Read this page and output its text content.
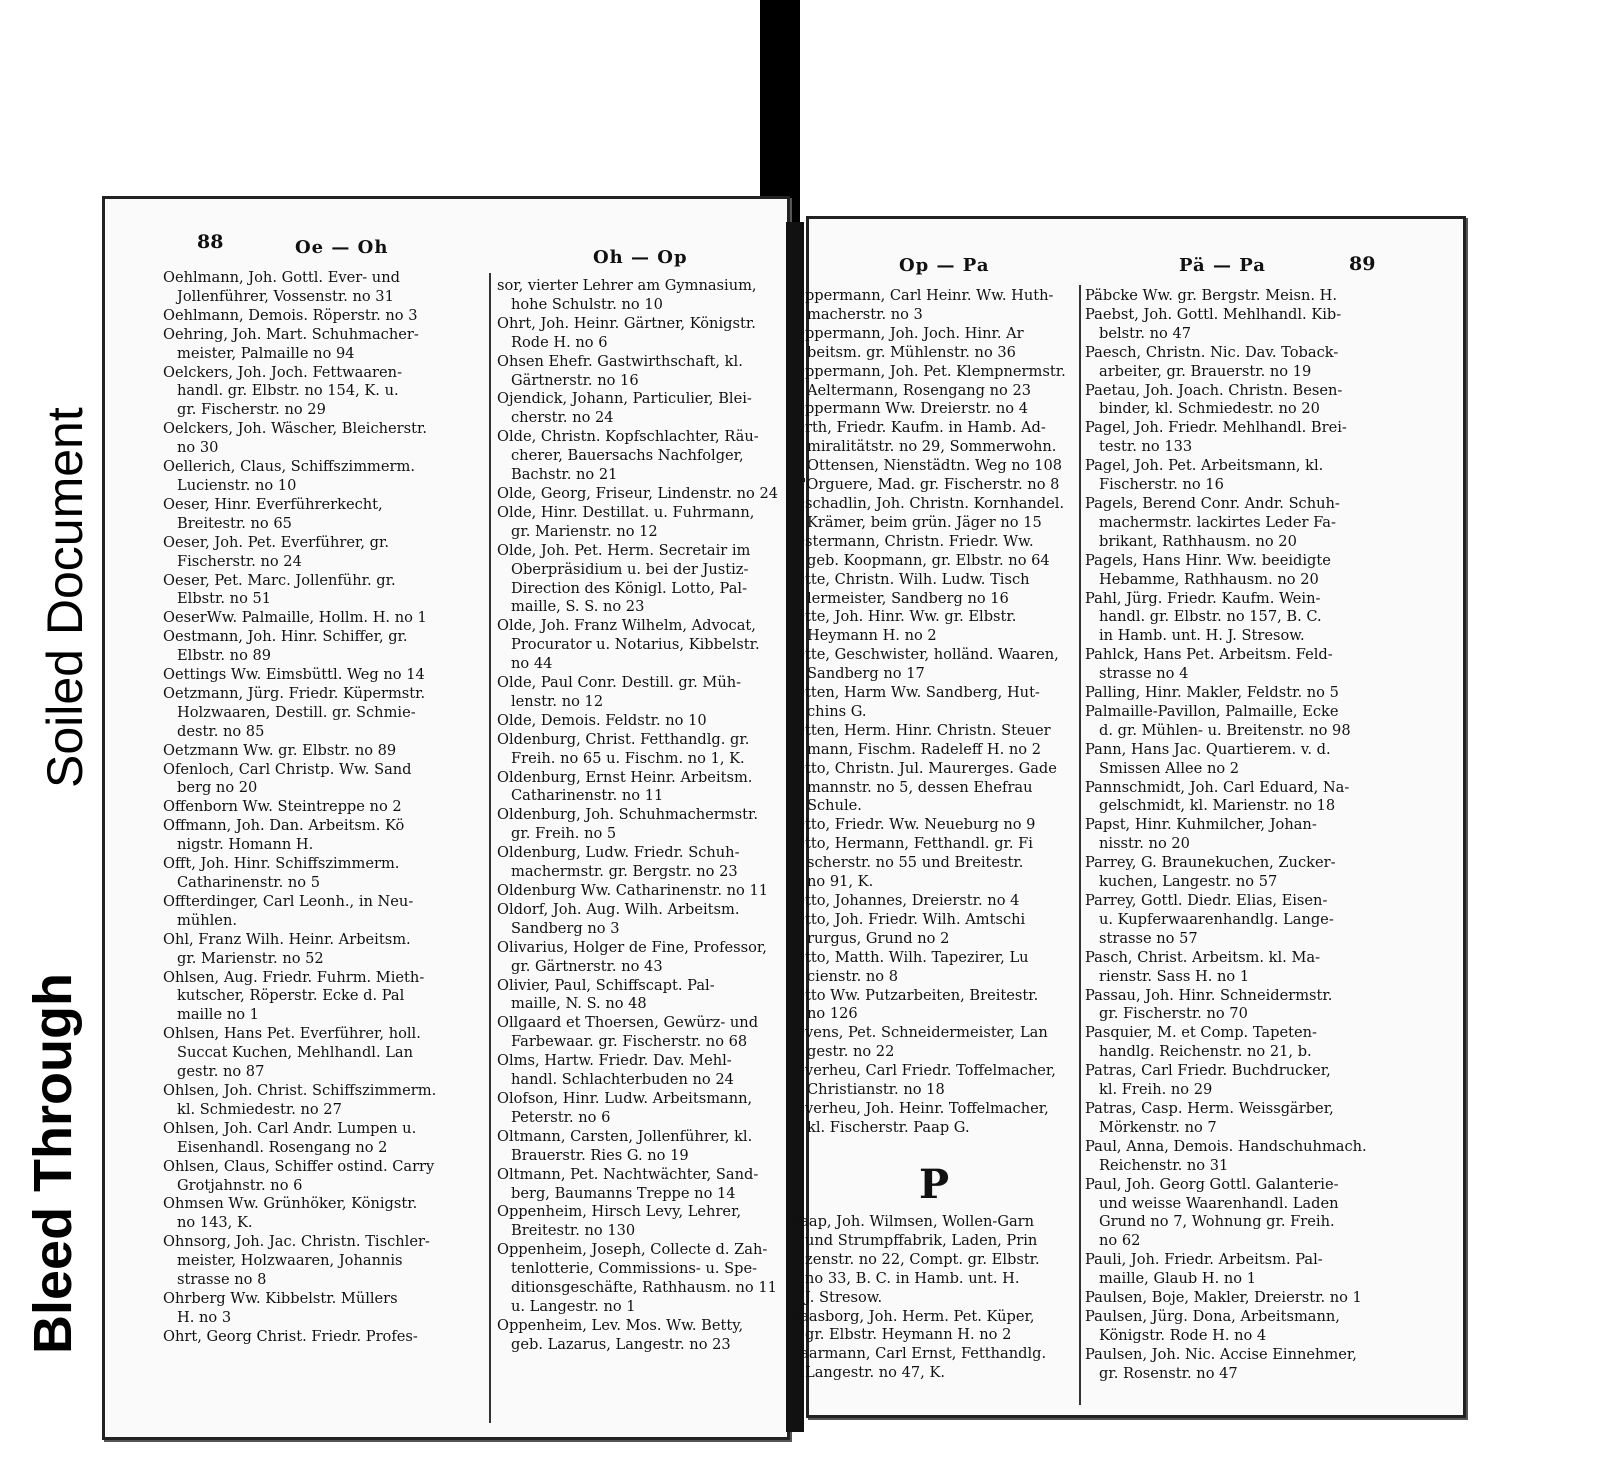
Soiled Document
Bleed Through
88	Oe — Oh	Oh — Op
Oehlmann, Joh. Gottl. Ever- und
Jollenführer, Vossenstr. no 31
Oehlmann, Demois. Röperstr. no 3
Oehring, Joh. Mart. Schuhmacher-
meister, Palmaille no 94
Oelckers, Joh. Joch. Fettwaaren-
handl. gr. Elbstr. no 154, K. u.
gr. Fischerstr. no 29
Oelckers, Joh. Wäscher, Bleicherstr.
no 30
Oellerich, Claus, Schiffszimmerm.
Lucienstr. no 10
Oeser, Hinr. Everführerkecht,
Breitestr. no 65
Oeser, Joh. Pet. Everführer, gr.
Fischerstr. no 24
Oeser, Pet. Marc. Jollenführ. gr.
Elbstr. no 51
OeserWw. Palmaille, Hollm. H. no 1
Oestmann, Joh. Hinr. Schiffer, gr.
Elbstr. no 89
Oettings Ww. Eimsbüttl. Weg no 14
Oetzmann, Jürg. Friedr. Küpermstr.
Holzwaaren, Destill. gr. Schmie-
destr. no 85
Oetzmann Ww. gr. Elbstr. no 89
Ofenloch, Carl Christp. Ww. Sand
berg no 20
Offenborn Ww. Steintreppe no 2
Offmann, Joh. Dan. Arbeitsm. Kö
nigstr. Homann H.
Offt, Joh. Hinr. Schiffszimmerm.
Catharinenstr. no 5
Offterdinger, Carl Leonh., in Neu-
mühlen.
Ohl, Franz Wilh. Heinr. Arbeitsm.
gr. Marienstr. no 52
Ohlsen, Aug. Friedr. Fuhrm. Mieth-
kutscher, Röperstr. Ecke d. Pal
maille no 1
Ohlsen, Hans Pet. Everführer, holl.
Succat Kuchen, Mehlhandl. Lan
gestr. no 87
Ohlsen, Joh. Christ. Schiffszimmerm.
kl. Schmiedestr. no 27
Ohlsen, Joh. Carl Andr. Lumpen u.
Eisenhandl. Rosengang no 2
Ohlsen, Claus, Schiffer ostind. Carry
Grotjahnstr. no 6
Ohmsen Ww. Grünhöker, Königstr.
no 143, K.
Ohnsorg, Joh. Jac. Christn. Tischler-
meister, Holzwaaren, Johannis
strasse no 8
Ohrberg Ww. Kibbelstr. Müllers
H. no 3
Ohrt, Georg Christ. Friedr. Profes-
sor, vierter Lehrer am Gymnasium,
hohe Schulstr. no 10
Ohrt, Joh. Heinr. Gärtner, Königstr.
Rode H. no 6
Ohsen Ehefr. Gastwirthschaft, kl.
Gärtnerstr. no 16
Ojendick, Johann, Particulier, Blei-
cherstr. no 24
Olde, Christn. Kopfschlachter, Räu-
cherer, Bauersachs Nachfolger,
Bachstr. no 21
Olde, Georg, Friseur, Lindenstr. no 24
Olde, Hinr. Destillat. u. Fuhrmann,
gr. Marienstr. no 12
Olde, Joh. Pet. Herm. Secretair im
Oberpräsidium u. bei der Justiz-
Direction des Königl. Lotto, Pal-
maille, S. S. no 23
Olde, Joh. Franz Wilhelm, Advocat,
Procurator u. Notarius, Kibbelstr.
no 44
Olde, Paul Conr. Destill. gr. Müh-
lenstr. no 12
Olde, Demois. Feldstr. no 10
Oldenburg, Christ. Fetthandlg. gr.
Freih. no 65 u. Fischm. no 1, K.
Oldenburg, Ernst Heinr. Arbeitsm.
Catharinenstr. no 11
Oldenburg, Joh. Schuhmachermstr.
gr. Freih. no 5
Oldenburg, Ludw. Friedr. Schuh-
machermstr. gr. Bergstr. no 23
Oldenburg Ww. Catharinenstr. no 11
Oldorf, Joh. Aug. Wilh. Arbeitsm.
Sandberg no 3
Olivarius, Holger de Fine, Professor,
gr. Gärtnerstr. no 43
Olivier, Paul, Schiffscapt. Pal-
maille, N. S. no 48
Ollgaard et Thoersen, Gewürz- und
Farbewaar. gr. Fischerstr. no 68
Olms, Hartw. Friedr. Dav. Mehl-
handl. Schlachterbuden no 24
Olofson, Hinr. Ludw. Arbeitsmann,
Peterstr. no 6
Oltmann, Carsten, Jollenführer, kl.
Brauerstr. Ries G. no 19
Oltmann, Pet. Nachtwächter, Sand-
berg, Baumanns Treppe no 14
Oppenheim, Hirsch Levy, Lehrer,
Breitestr. no 130
Oppenheim, Joseph, Collecte d. Zah-
tenlotterie, Commissions- u. Spe-
ditionsgeschäfte, Rathhausm. no 11
u. Langestr. no 1
Oppenheim, Lev. Mos. Ww. Betty,
geb. Lazarus, Langestr. no 23
Op — Pa	Pä — Pa	89
Oppermann, Carl Heinr. Ww. Huth-
macherstr. no 3
Oppermann, Joh. Joch. Hinr. Ar
beitsm. gr. Mühlenstr. no 36
Oppermann, Joh. Pet. Klempnermstr.
Aeltermann, Rosengang no 23
Oppermann Ww. Dreierstr. no 4
Orth, Friedr. Kaufm. in Hamb. Ad-
miralitätstr. no 29, Sommerwohn.
Ottensen, Nienstädtn. Weg no 108
d'Orguere, Mad. gr. Fischerstr. no 8
Oschadlin, Joh. Christn. Kornhandel.
Krämer, beim grün. Jäger no 15
Ostermann, Christn. Friedr. Ww.
geb. Koopmann, gr. Elbstr. no 64
Otte, Christn. Wilh. Ludw. Tisch
lermeister, Sandberg no 16
Otte, Joh. Hinr. Ww. gr. Elbstr.
Heymann H. no 2
Otte, Geschwister, holländ. Waaren,
Sandberg no 17
Otten, Harm Ww. Sandberg, Hut-
chins G.
Otten, Herm. Hinr. Christn. Steuer
mann, Fischm. Radeleff H. no 2
Otto, Christn. Jul. Maurerges. Gade
mannstr. no 5, dessen Ehefrau
Schule.
Otto, Friedr. Ww. Neueburg no 9
Otto, Hermann, Fetthandl. gr. Fi
scherstr. no 55 und Breitestr.
no 91, K.
Otto, Johannes, Dreierstr. no 4
Otto, Joh. Friedr. Wilh. Amtschi
rurgus, Grund no 2
Otto, Matth. Wilh. Tapezirer, Lu
cienstr. no 8
Otto Ww. Putzarbeiten, Breitestr.
no 126
Ovens, Pet. Schneidermeister, Lan
gestr. no 22
Overheu, Carl Friedr. Toffelmacher,
Christianstr. no 18
Overheu, Joh. Heinr. Toffelmacher,
kl. Fischerstr. Paap G.
P
Paap, Joh. Wilmsen, Wollen-Garn
und Strumpffabrik, Laden, Prin
zenstr. no 22, Compt. gr. Elbstr.
no 33, B. C. in Hamb. unt. H.
J. Stresow.
Paasborg, Joh. Herm. Pet. Küper,
gr. Elbstr. Heymann H. no 2
Paarmann, Carl Ernst, Fetthandlg.
Langestr. no 47, K.
Päbcke Ww. gr. Bergstr. Meisn. H.
Paebst, Joh. Gottl. Mehlhandl. Kib-
belstr. no 47
Paesch, Christn. Nic. Dav. Toback-
arbeiter, gr. Brauerstr. no 19
Paetau, Joh. Joach. Christn. Besen-
binder, kl. Schmiedestr. no 20
Pagel, Joh. Friedr. Mehlhandl. Brei-
testr. no 133
Pagel, Joh. Pet. Arbeitsmann, kl.
Fischerstr. no 16
Pagels, Berend Conr. Andr. Schuh-
machermstr. lackirtes Leder Fa-
brikant, Rathhausm. no 20
Pagels, Hans Hinr. Ww. beeidigte
Hebamme, Rathhausm. no 20
Pahl, Jürg. Friedr. Kaufm. Wein-
handl. gr. Elbstr. no 157, B. C.
in Hamb. unt. H. J. Stresow.
Pahlck, Hans Pet. Arbeitsm. Feld-
strasse no 4
Palling, Hinr. Makler, Feldstr. no 5
Palmaille-Pavillon, Palmaille, Ecke
d. gr. Mühlen- u. Breitenstr. no 98
Pann, Hans Jac. Quartierem. v. d.
Smissen Allee no 2
Pannschmidt, Joh. Carl Eduard, Na-
gelschmidt, kl. Marienstr. no 18
Papst, Hinr. Kuhmilcher, Johan-
nisstr. no 20
Parrey, G. Braunekuchen, Zucker-
kuchen, Langestr. no 57
Parrey, Gottl. Diedr. Elias, Eisen-
u. Kupferwaarenhandlg. Lange-
strasse no 57
Pasch, Christ. Arbeitsm. kl. Ma-
rienstr. Sass H. no 1
Passau, Joh. Hinr. Schneidermstr.
gr. Fischerstr. no 70
Pasquier, M. et Comp. Tapeten-
handlg. Reichenstr. no 21, b.
Patras, Carl Friedr. Buchdrucker,
kl. Freih. no 29
Patras, Casp. Herm. Weissgärber,
Mörkenstr. no 7
Paul, Anna, Demois. Handschuhmach.
Reichenstr. no 31
Paul, Joh. Georg Gottl. Galanterie-
und weisse Waarenhandl. Laden
Grund no 7, Wohnung gr. Freih.
no 62
Pauli, Joh. Friedr. Arbeitsm. Pal-
maille, Glaub H. no 1
Paulsen, Boje, Makler, Dreierstr. no 1
Paulsen, Jürg. Dona, Arbeitsmann,
Königstr. Rode H. no 4
Paulsen, Joh. Nic. Accise Einnehmer,
gr. Rosenstr. no 47
